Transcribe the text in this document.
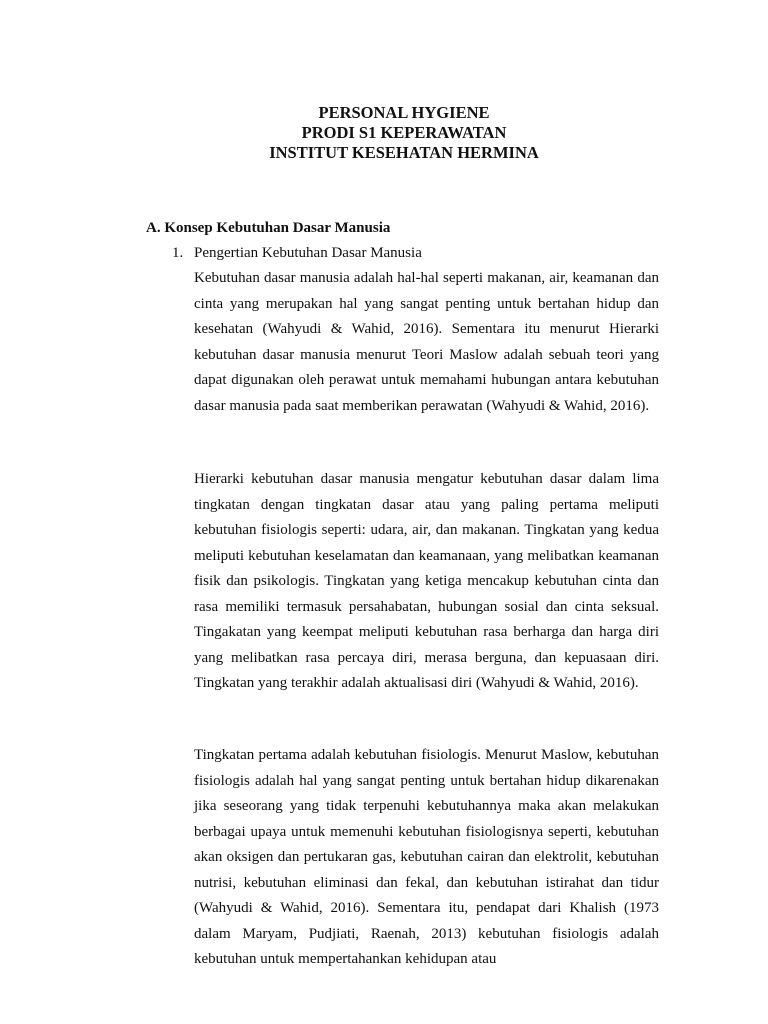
PERSONAL HYGIENE
PRODI S1 KEPERAWATAN
INSTITUT KESEHATAN HERMINA
A. Konsep Kebutuhan Dasar Manusia
1. Pengertian Kebutuhan Dasar Manusia

Kebutuhan dasar manusia adalah hal-hal seperti makanan, air, keamanan dan cinta yang merupakan hal yang sangat penting untuk bertahan hidup dan kesehatan (Wahyudi & Wahid, 2016). Sementara itu menurut Hierarki kebutuhan dasar manusia menurut Teori Maslow adalah sebuah teori yang dapat digunakan oleh perawat untuk memahami hubungan antara kebutuhan dasar manusia pada saat memberikan perawatan (Wahyudi & Wahid, 2016).

Hierarki kebutuhan dasar manusia mengatur kebutuhan dasar dalam lima tingkatan dengan tingkatan dasar atau yang paling pertama meliputi kebutuhan fisiologis seperti: udara, air, dan makanan. Tingkatan yang kedua meliputi kebutuhan keselamatan dan keamanaan, yang melibatkan keamanan fisik dan psikologis. Tingkatan yang ketiga mencakup kebutuhan cinta dan rasa memiliki termasuk persahabatan, hubungan sosial dan cinta seksual. Tingakatan yang keempat meliputi kebutuhan rasa berharga dan harga diri yang melibatkan rasa percaya diri, merasa berguna, dan kepuasaan diri. Tingkatan yang terakhir adalah aktualisasi diri (Wahyudi & Wahid, 2016).

Tingkatan pertama adalah kebutuhan fisiologis. Menurut Maslow, kebutuhan fisiologis adalah hal yang sangat penting untuk bertahan hidup dikarenakan jika seseorang yang tidak terpenuhi kebutuhannya maka akan melakukan berbagai upaya untuk memenuhi kebutuhan fisiologisnya seperti, kebutuhan akan oksigen dan pertukaran gas, kebutuhan cairan dan elektrolit, kebutuhan nutrisi, kebutuhan eliminasi dan fekal, dan kebutuhan istirahat dan tidur (Wahyudi & Wahid, 2016). Sementara itu, pendapat dari Khalish (1973 dalam Maryam, Pudjiati, Raenah, 2013) kebutuhan fisiologis adalah kebutuhan untuk mempertahankan kehidupan atau
